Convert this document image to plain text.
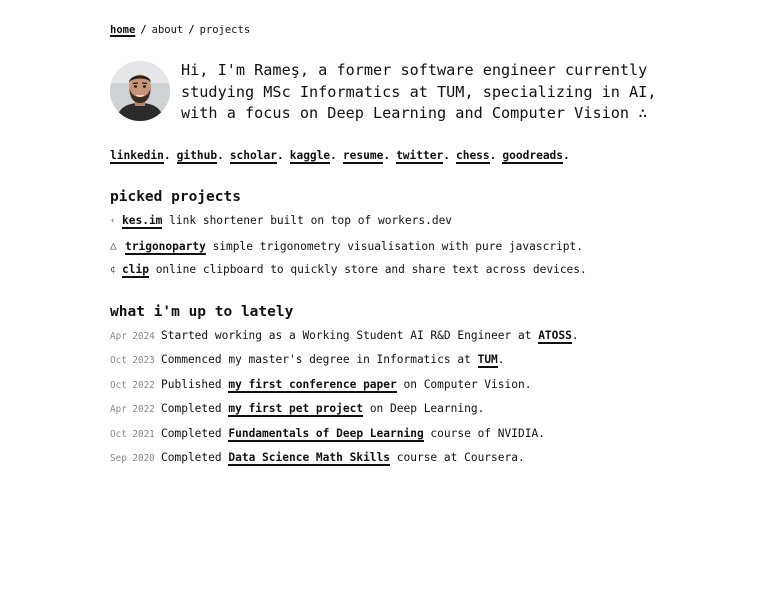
home / about / projects
Hi, I'm Rameş, a former software engineer currently
studying MSc Informatics at TUM, specializing in AI,
with a focus on Deep Learning and Computer Vision ∴
linkedin. github. scholar. kaggle. resume. twitter. chess. goodreads.
picked projects
‹ kes.im link shortener built on top of workers.dev
△ trigonoparty simple trigonometry visualisation with pure javascript.
¢ clip online clipboard to quickly store and share text across devices.
what i'm up to lately
Apr 2024 Started working as a Working Student AI R&D Engineer at ATOSS.
Oct 2023 Commenced my master's degree in Informatics at TUM.
Oct 2022 Published my first conference paper on Computer Vision.
Apr 2022 Completed my first pet project on Deep Learning.
Oct 2021 Completed Fundamentals of Deep Learning course of NVIDIA.
Sep 2020 Completed Data Science Math Skills course at Coursera.
